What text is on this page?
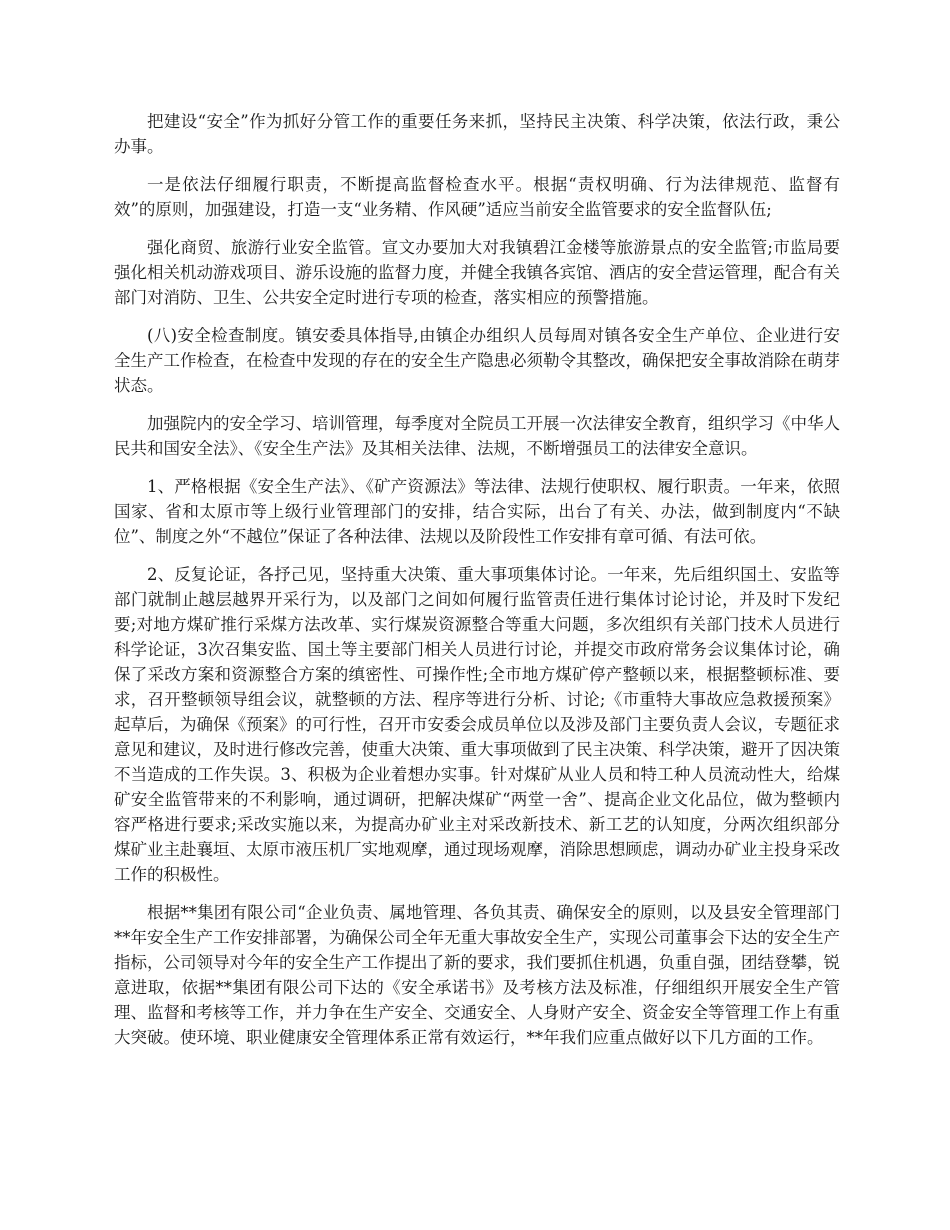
把建设“安全”作为抓好分管工作的重要任务来抓，坚持民主决策、科学决策，依法行政，秉公办事。

一是依法仔细履行职责，不断提高监督检查水平。根据“责权明确、行为法律规范、监督有效”的原则，加强建设，打造一支“业务精、作风硬”适应当前安全监管要求的安全监督队伍;

强化商贸、旅游行业安全监管。宣文办要加大对我镇碧江金楼等旅游景点的安全监管;市监局要强化相关机动游戏项目、游乐设施的监督力度，并健全我镇各宾馆、酒店的安全营运管理，配合有关部门对消防、卫生、公共安全定时进行专项的检查，落实相应的预警措施。

(八)安全检查制度。镇安委具体指导,由镇企办组织人员每周对镇各安全生产单位、企业进行安全生产工作检查，在检查中发现的存在的安全生产隐患必须勒令其整改，确保把安全事故消除在萌芽状态。

加强院内的安全学习、培训管理，每季度对全院员工开展一次法律安全教育，组织学习《中华人民共和国安全法》、《安全生产法》及其相关法律、法规，不断增强员工的法律安全意识。

1、严格根据《安全生产法》、《矿产资源法》等法律、法规行使职权、履行职责。一年来，依照国家、省和太原市等上级行业管理部门的安排，结合实际，出台了有关、办法，做到制度内“不缺位”、制度之外“不越位”保证了各种法律、法规以及阶段性工作安排有章可循、有法可依。

2、反复论证，各抒己见，坚持重大决策、重大事项集体讨论。一年来，先后组织国土、安监等部门就制止越层越界开采行为，以及部门之间如何履行监管责任进行集体讨论讨论，并及时下发纪要;对地方煤矿推行采煤方法改革、实行煤炭资源整合等重大问题，多次组织有关部门技术人员进行科学论证，3次召集安监、国土等主要部门相关人员进行讨论，并提交市政府常务会议集体讨论，确保了采改方案和资源整合方案的缜密性、可操作性;全市地方煤矿停产整顿以来，根据整顿标准、要求，召开整顿领导组会议，就整顿的方法、程序等进行分析、讨论;《市重特大事故应急救援预案》起草后，为确保《预案》的可行性，召开市安委会成员单位以及涉及部门主要负责人会议，专题征求意见和建议，及时进行修改完善，使重大决策、重大事项做到了民主决策、科学决策，避开了因决策不当造成的工作失误。3、积极为企业着想办实事。针对煤矿从业人员和特工种人员流动性大，给煤矿安全监管带来的不利影响，通过调研，把解决煤矿“两堂一舍”、提高企业文化品位，做为整顿内容严格进行要求;采改实施以来，为提高办矿业主对采改新技术、新工艺的认知度，分两次组织部分煤矿业主赴襄垣、太原市液压机厂实地观摩，通过现场观摩，消除思想顾虑，调动办矿业主投身采改工作的积极性。

根据**集团有限公司“企业负责、属地管理、各负其责、确保安全的原则，以及县安全管理部门**年安全生产工作安排部署，为确保公司全年无重大事故安全生产，实现公司董事会下达的安全生产指标，公司领导对今年的安全生产工作提出了新的要求，我们要抓住机遇，负重自强，团结登攀，锐意进取，依据**集团有限公司下达的《安全承诺书》及考核方法及标准，仔细组织开展安全生产管理、监督和考核等工作，并力争在生产安全、交通安全、人身财产安全、资金安全等管理工作上有重大突破。使环境、职业健康安全管理体系正常有效运行，**年我们应重点做好以下几方面的工作。
